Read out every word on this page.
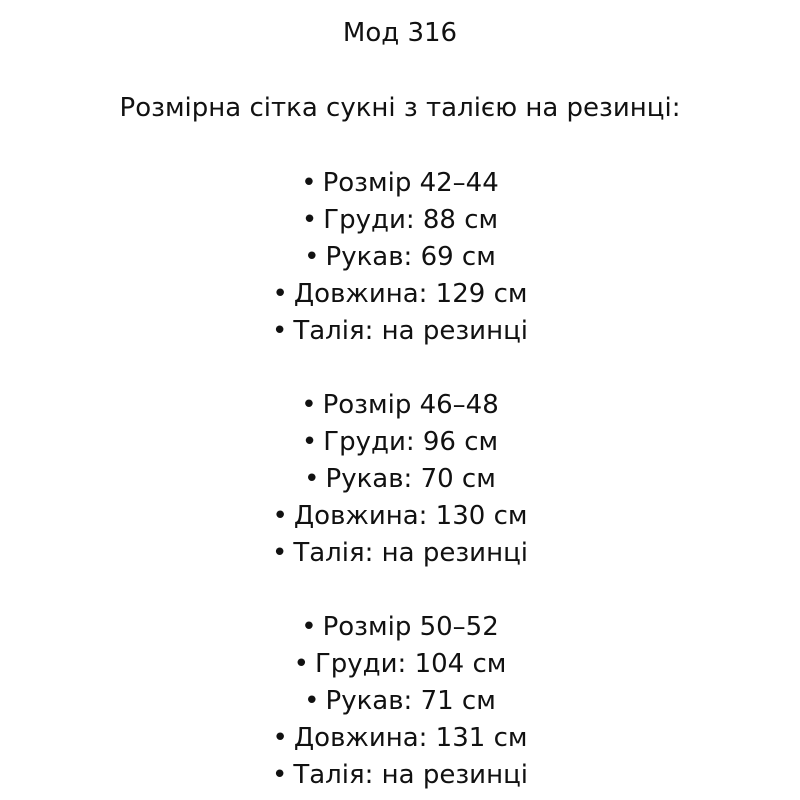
Мод 316
Розмірна сітка сукні з талією на резинці:
• Розмір 42–44
• Груди: 88 см
• Рукав: 69 см
• Довжина: 129 см
• Талія: на резинці
• Розмір 46–48
• Груди: 96 см
• Рукав: 70 см
• Довжина: 130 см
• Талія: на резинці
• Розмір 50–52
• Груди: 104 см
• Рукав: 71 см
• Довжина: 131 см
• Талія: на резинці
